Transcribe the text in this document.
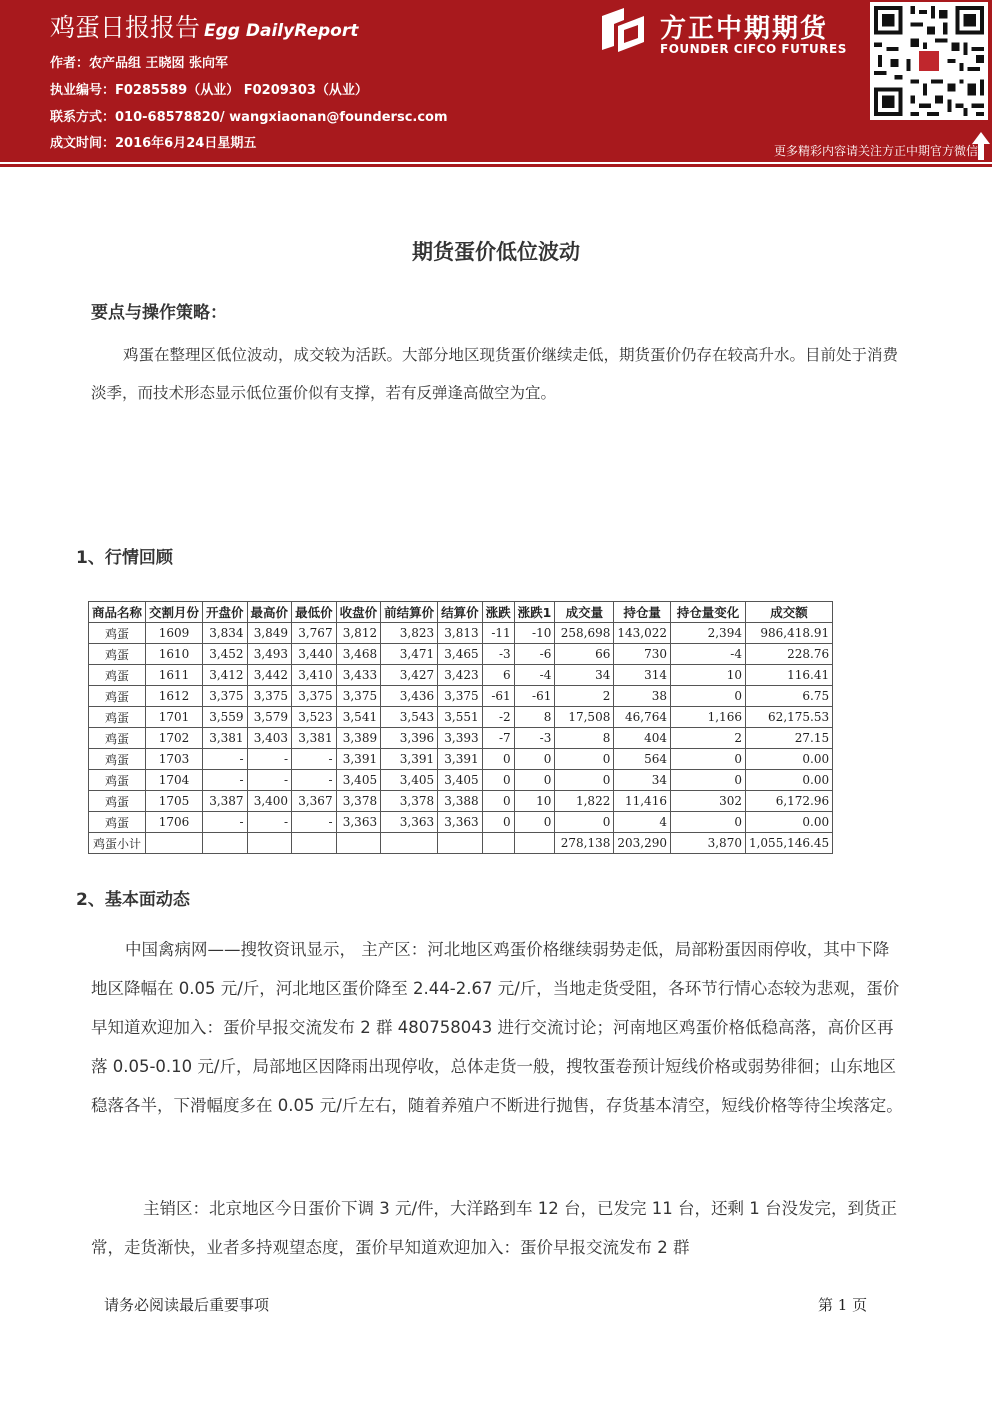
鸡蛋日报报告 Egg DailyReport
作者：农产品组 王晓囡 张向军
执业编号：F0285589（从业） F0209303（从业）
联系方式：010-68578820/ wangxiaonan@foundersc.com
成文时间：2016年6月24日星期五
方正中期期货
FOUNDER CIFCO FUTURES
更多精彩内容请关注方正中期官方微信
期货蛋价低位波动
要点与操作策略：

鸡蛋在整理区低位波动，成交较为活跃。大部分地区现货蛋价继续走低，期货蛋价仍存在较高升水。目前处于消费淡季，而技术形态显示低位蛋价似有支撑，若有反弹逢高做空为宜。

1、行情回顾
商品名称	交割月份	开盘价	最高价	最低价	收盘价	前结算价	结算价	涨跌	涨跌1	成交量	持仓量	持仓量变化	成交额
鸡蛋	1609	3,834	3,849	3,767	3,812	3,823	3,813	-11	-10	258,698	143,022	2,394	986,418.91
鸡蛋	1610	3,452	3,493	3,440	3,468	3,471	3,465	-3	-6	66	730	-4	228.76
鸡蛋	1611	3,412	3,442	3,410	3,433	3,427	3,423	6	-4	34	314	10	116.41
鸡蛋	1612	3,375	3,375	3,375	3,375	3,436	3,375	-61	-61	2	38	0	6.75
鸡蛋	1701	3,559	3,579	3,523	3,541	3,543	3,551	-2	8	17,508	46,764	1,166	62,175.53
鸡蛋	1702	3,381	3,403	3,381	3,389	3,396	3,393	-7	-3	8	404	2	27.15
鸡蛋	1703	-	-	-	3,391	3,391	3,391	0	0	0	564	0	0.00
鸡蛋	1704	-	-	-	3,405	3,405	3,405	0	0	0	34	0	0.00
鸡蛋	1705	3,387	3,400	3,367	3,378	3,378	3,388	0	10	1,822	11,416	302	6,172.96
鸡蛋	1706	-	-	-	3,363	3,363	3,363	0	0	0	4	0	0.00
鸡蛋小计										278,138	203,290	3,870	1,055,146.45
2、基本面动态

中国禽病网——搜牧资讯显示， 主产区：河北地区鸡蛋价格继续弱势走低，局部粉蛋因雨停收，其中下降地区降幅在 0.05 元/斤，河北地区蛋价降至 2.44-2.67 元/斤，当地走货受阻，各环节行情心态较为悲观，蛋价早知道欢迎加入：蛋价早报交流发布 2 群 480758043 进行交流讨论；河南地区鸡蛋价格低稳高落，高价区再落 0.05-0.10 元/斤，局部地区因降雨出现停收，总体走货一般，搜牧蛋卷预计短线价格或弱势徘徊；山东地区稳落各半，下滑幅度多在 0.05 元/斤左右，随着养殖户不断进行抛售，存货基本清空，短线价格等待尘埃落定。

主销区：北京地区今日蛋价下调 3 元/件，大洋路到车 12 台，已发完 11 台，还剩 1 台没发完，到货正常，走货渐快，业者多持观望态度，蛋价早知道欢迎加入：蛋价早报交流发布 2 群

请务必阅读最后重要事项	第 1 页
